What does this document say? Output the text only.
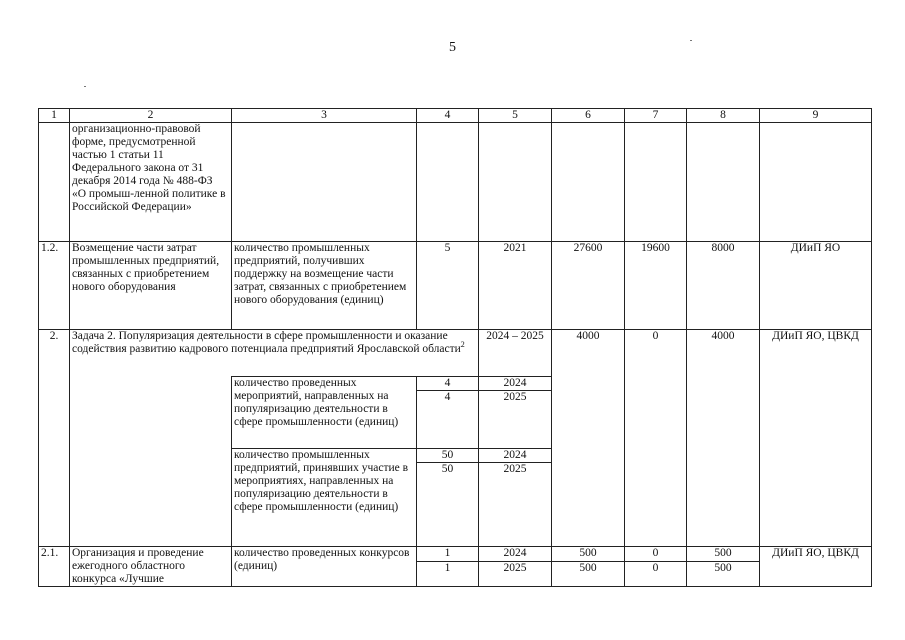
5
1	2	3	4	5	6	7	8	9
	организационно-правовой форме, предусмотренной частью 1 статьи 11 Федерального закона от 31 декабря 2014 года № 488-ФЗ «О промыш-ленной политике в Российской Федерации»							
1.2.	Возмещение части затрат промышленных предприятий, связанных с приобретением нового оборудования	количество промышленных предприятий, получивших поддержку на возмещение части затрат, связанных с приобретением нового оборудования (единиц)	5	2021	27600	19600	8000	ДИиП ЯО
2.	Задача 2. Популяризация деятельности в сфере промышленности и оказание содействия развитию кадрового потенциала предприятий Ярославской области$^2$			2024 – 2025	4000	0	4000	ДИиП ЯО, ЦВКД
		количество проведенных мероприятий, направленных на популяризацию деятельности в сфере промышленности (единиц)	4	2024				
			4	2025				
		количество промышленных предприятий, принявших участие в мероприятиях, направленных на популяризацию деятельности в сфере промышленности (единиц)	50	2024				
			50	2025				
2.1.	Организация и проведение ежегодного областного конкурса «Лучшие	количество проведенных конкурсов (единиц)	1	2024	500	0	500	ДИиП ЯО, ЦВКД
			1	2025	500	0	500	
